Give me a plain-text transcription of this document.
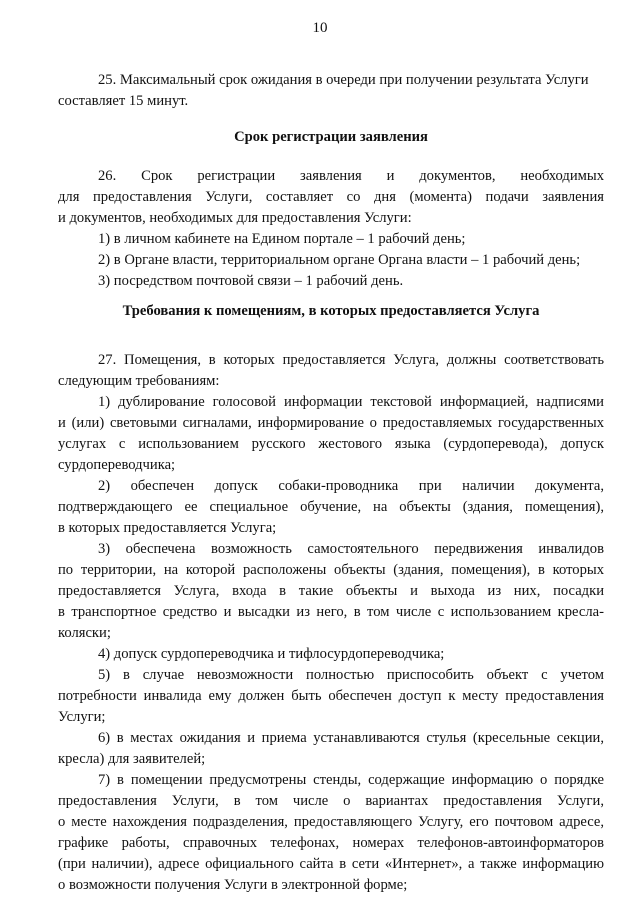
10
25. Максимальный срок ожидания в очереди при получении результата Услуги
составляет 15 минут.
Срок регистрации заявления
26. Срок регистрации заявления и документов, необходимых
для предоставления Услуги, составляет со дня (момента) подачи заявления
и документов, необходимых для предоставления Услуги:
1) в личном кабинете на Едином портале – 1 рабочий день;
2) в Органе власти, территориальном органе Органа власти – 1 рабочий день;
3) посредством почтовой связи – 1 рабочий день.
Требования к помещениям, в которых предоставляется Услуга
27. Помещения, в которых предоставляется Услуга, должны соответствовать
следующим требованиям:
1) дублирование голосовой информации текстовой информацией, надписями
и (или) световыми сигналами, информирование о предоставляемых государственных
услугах с использованием русского жестового языка (сурдоперевода), допуск
сурдопереводчика;
2) обеспечен допуск собаки-проводника при наличии документа,
подтверждающего ее специальное обучение, на объекты (здания, помещения),
в которых предоставляется Услуга;
3) обеспечена возможность самостоятельного передвижения инвалидов
по территории, на которой расположены объекты (здания, помещения), в которых
предоставляется Услуга, входа в такие объекты и выхода из них, посадки
в транспортное средство и высадки из него, в том числе с использованием кресла-
коляски;
4) допуск сурдопереводчика и тифлосурдопереводчика;
5) в случае невозможности полностью приспособить объект с учетом
потребности инвалида ему должен быть обеспечен доступ к месту предоставления
Услуги;
6) в местах ожидания и приема устанавливаются стулья (кресельные секции,
кресла) для заявителей;
7) в помещении предусмотрены стенды, содержащие информацию о порядке
предоставления Услуги, в том числе о вариантах предоставления Услуги,
о месте нахождения подразделения, предоставляющего Услугу, его почтовом адресе,
графике работы, справочных телефонах, номерах телефонов-автоинформаторов
(при наличии), адресе официального сайта в сети «Интернет», а также информацию
о возможности получения Услуги в электронной форме;
